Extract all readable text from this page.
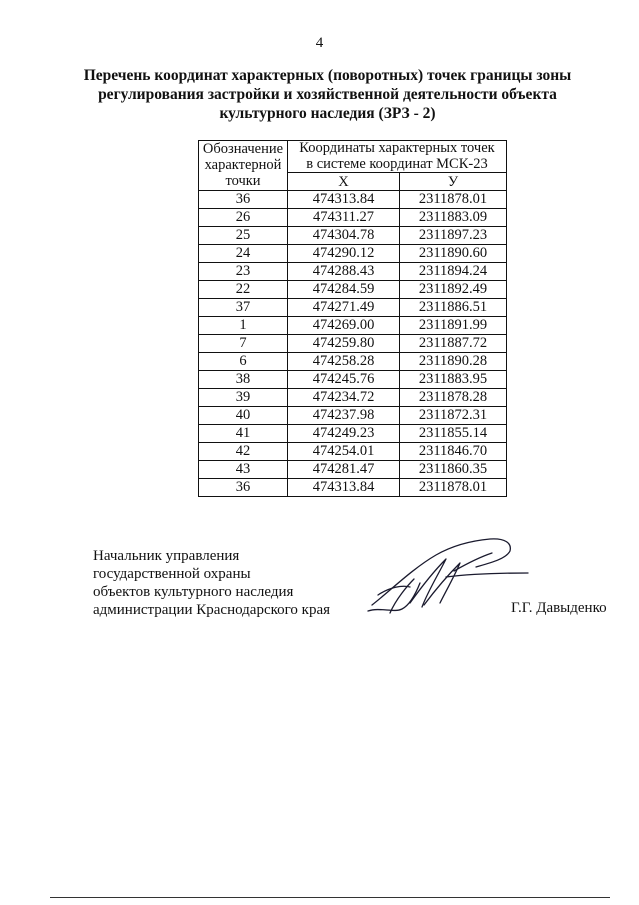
4
Перечень координат характерных (поворотных) точек границы зоны
регулирования застройки и хозяйственной деятельности объекта
культурного наследия (ЗРЗ - 2)
Обозначение
характерной
точки	Координаты характерных точек
в системе координат МСК-23	

	X	У
36	474313.84	2311878.01
26	474311.27	2311883.09
25	474304.78	2311897.23
24	474290.12	2311890.60
23	474288.43	2311894.24
22	474284.59	2311892.49
37	474271.49	2311886.51
1	474269.00	2311891.99
7	474259.80	2311887.72
6	474258.28	2311890.28
38	474245.76	2311883.95
39	474234.72	2311878.28
40	474237.98	2311872.31
41	474249.23	2311855.14
42	474254.01	2311846.70
43	474281.47	2311860.35
36	474313.84	2311878.01
Начальник управления
государственной охраны
объектов культурного наследия
администрации Краснодарского края	Г.Г. Давыденко
